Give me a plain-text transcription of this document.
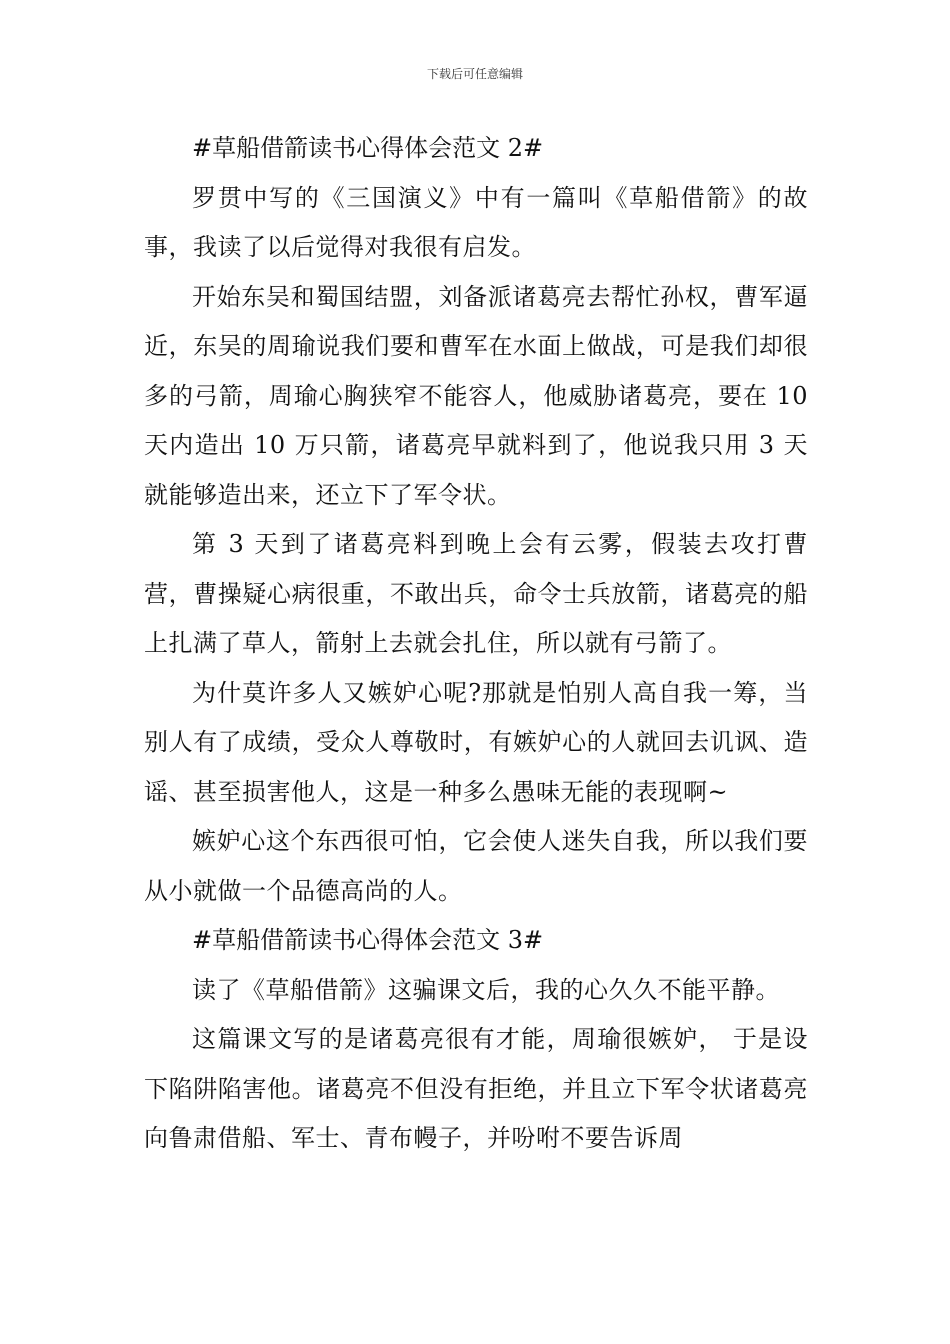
下载后可任意编辑

#草船借箭读书心得体会范文 2#

罗贯中写的《三国演义》中有一篇叫《草船借箭》的故事，我读了以后觉得对我很有启发。

开始东吴和蜀国结盟，刘备派诸葛亮去帮忙孙权，曹军逼近，东吴的周瑜说我们要和曹军在水面上做战，可是我们却很多的弓箭，周瑜心胸狭窄不能容人，他威胁诸葛亮，要在 10 天内造出 10 万只箭，诸葛亮早就料到了，他说我只用 3 天就能够造出来，还立下了军令状。

第 3 天到了诸葛亮料到晚上会有云雾，假装去攻打曹营，曹操疑心病很重，不敢出兵，命令士兵放箭，诸葛亮的船上扎满了草人，箭射上去就会扎住，所以就有弓箭了。

为什莫许多人又嫉妒心呢?那就是怕别人高自我一筹，当别人有了成绩，受众人尊敬时，有嫉妒心的人就回去讥讽、造谣、甚至损害他人，这是一种多么愚味无能的表现啊~

嫉妒心这个东西很可怕，它会使人迷失自我，所以我们要从小就做一个品德高尚的人。

#草船借箭读书心得体会范文 3#

读了《草船借箭》这骗课文后，我的心久久不能平静。

这篇课文写的是诸葛亮很有才能，周瑜很嫉妒， 于是设下陷阱陷害他。诸葛亮不但没有拒绝，并且立下军令状诸葛亮向鲁肃借船、军士、青布幔子，并吩咐不要告诉周
